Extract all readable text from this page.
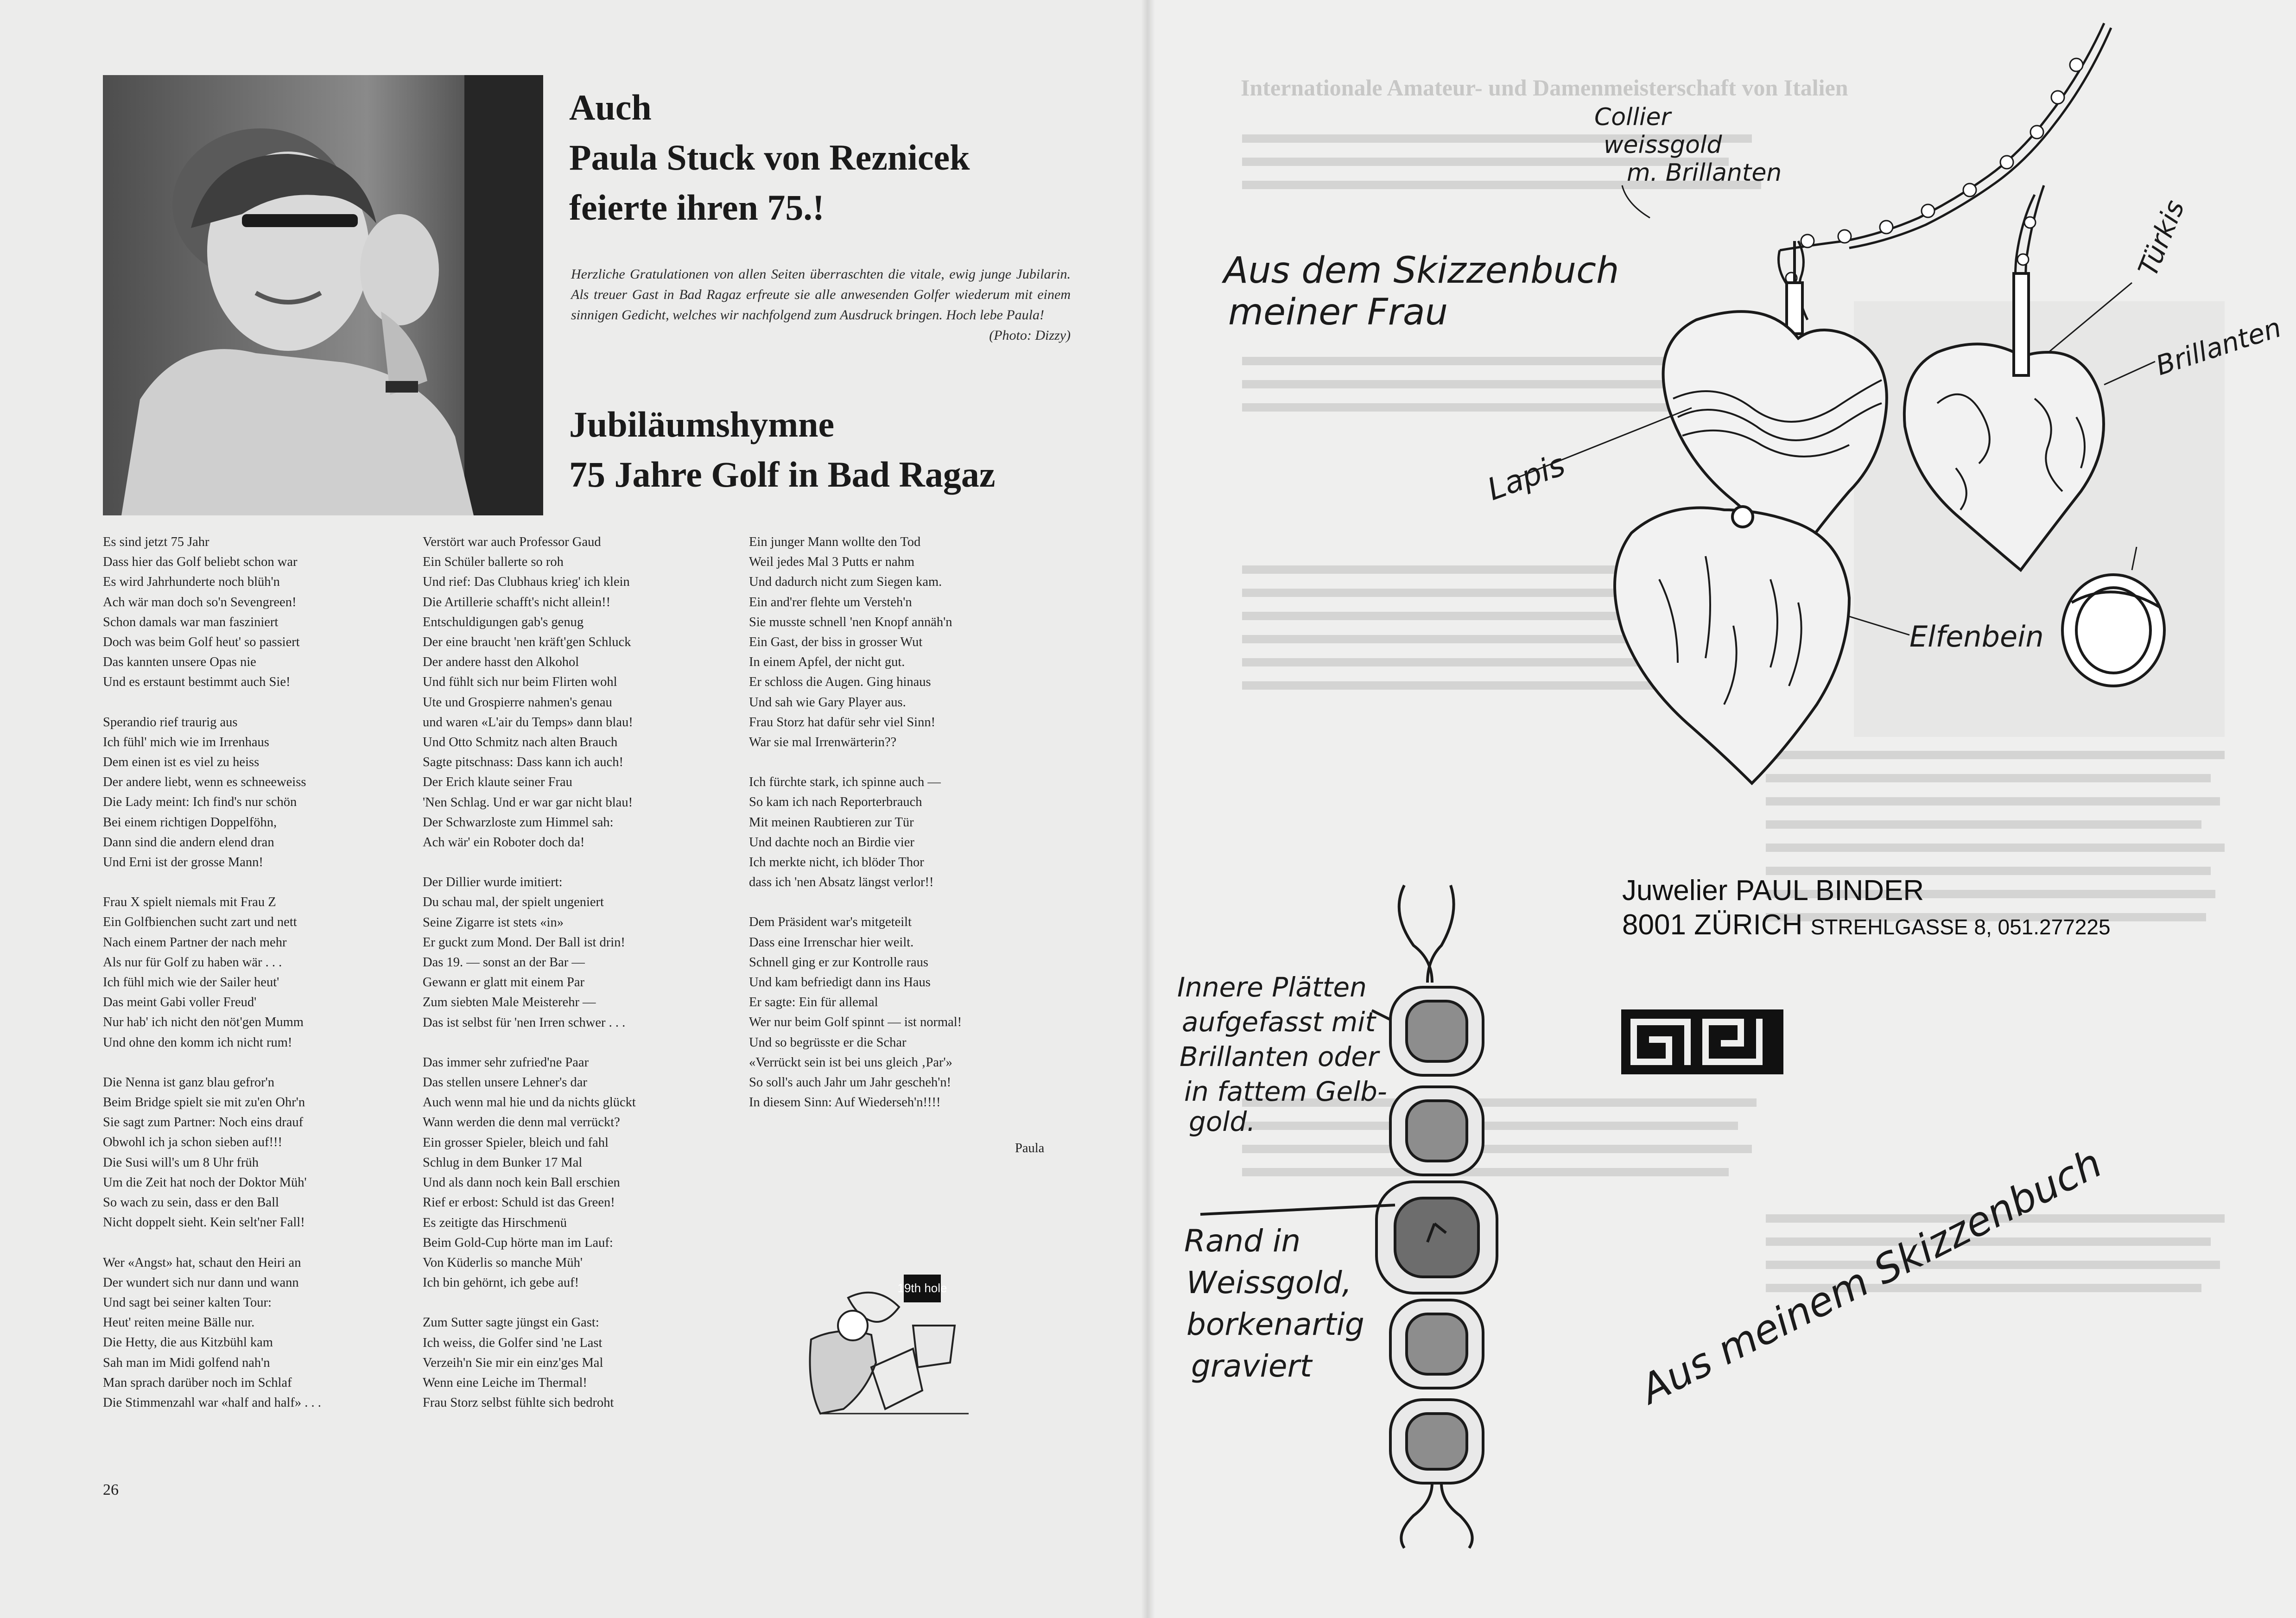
Auch
Paula Stuck von Reznicek
feierte ihren 75.!
Herzliche Gratulationen von allen Seiten überraschten die vitale, ewig junge Jubilarin. Als treuer Gast in Bad Ragaz erfreute sie alle anwesenden Golfer wiederum mit einem sinnigen Gedicht, welches wir nachfolgend zum Ausdruck bringen. Hoch lebe Paula!
(Photo: Dizzy)
Jubiläumshymne
75 Jahre Golf in Bad Ragaz
Es sind jetzt 75 Jahr
Dass hier das Golf beliebt schon war
Es wird Jahrhunderte noch blüh'n
Ach wär man doch so'n Sevengreen!
Schon damals war man fasziniert
Doch was beim Golf heut' so passiert
Das kannten unsere Opas nie
Und es erstaunt bestimmt auch Sie!
Sperandio rief traurig aus
Ich fühl' mich wie im Irrenhaus
Dem einen ist es viel zu heiss
Der andere liebt, wenn es schneeweiss
Die Lady meint: Ich find's nur schön
Bei einem richtigen Doppelföhn,
Dann sind die andern elend dran
Und Erni ist der grosse Mann!
Frau X spielt niemals mit Frau Z
Ein Golfbienchen sucht zart und nett
Nach einem Partner der nach mehr
Als nur für Golf zu haben wär . . .
Ich fühl mich wie der Sailer heut'
Das meint Gabi voller Freud'
Nur hab' ich nicht den nöt'gen Mumm
Und ohne den komm ich nicht rum!
Die Nenna ist ganz blau gefror'n
Beim Bridge spielt sie mit zu'en Ohr'n
Sie sagt zum Partner: Noch eins drauf
Obwohl ich ja schon sieben auf!!!
Die Susi will's um 8 Uhr früh
Um die Zeit hat noch der Doktor Müh'
So wach zu sein, dass er den Ball
Nicht doppelt sieht. Kein selt'ner Fall!
Wer «Angst» hat, schaut den Heiri an
Der wundert sich nur dann und wann
Und sagt bei seiner kalten Tour:
Heut' reiten meine Bälle nur.
Die Hetty, die aus Kitzbühl kam
Sah man im Midi golfend nah'n
Man sprach darüber noch im Schlaf
Die Stimmenzahl war «half and half» . . .
Verstört war auch Professor Gaud
Ein Schüler ballerte so roh
Und rief: Das Clubhaus krieg' ich klein
Die Artillerie schafft's nicht allein!!
Entschuldigungen gab's genug
Der eine braucht 'nen kräft'gen Schluck
Der andere hasst den Alkohol
Und fühlt sich nur beim Flirten wohl
Ute und Grospierre nahmen's genau
und waren «L'air du Temps» dann blau!
Und Otto Schmitz nach alten Brauch
Sagte pitschnass: Dass kann ich auch!
Der Erich klaute seiner Frau
'Nen Schlag. Und er war gar nicht blau!
Der Schwarzloste zum Himmel sah:
Ach wär' ein Roboter doch da!
Der Dillier wurde imitiert:
Du schau mal, der spielt ungeniert
Seine Zigarre ist stets «in»
Er guckt zum Mond. Der Ball ist drin!
Das 19. — sonst an der Bar —
Gewann er glatt mit einem Par
Zum siebten Male Meisterehr —
Das ist selbst für 'nen Irren schwer . . .
Das immer sehr zufried'ne Paar
Das stellen unsere Lehner's dar
Auch wenn mal hie und da nichts glückt
Wann werden die denn mal verrückt?
Ein grosser Spieler, bleich und fahl
Schlug in dem Bunker 17 Mal
Und als dann noch kein Ball erschien
Rief er erbost: Schuld ist das Green!
Es zeitigte das Hirschmenü
Beim Gold-Cup hörte man im Lauf:
Von Küderlis so manche Müh'
Ich bin gehörnt, ich gebe auf!
Zum Sutter sagte jüngst ein Gast:
Ich weiss, die Golfer sind 'ne Last
Verzeih'n Sie mir ein einz'ges Mal
Wenn eine Leiche im Thermal!
Frau Storz selbst fühlte sich bedroht
Ein junger Mann wollte den Tod
Weil jedes Mal 3 Putts er nahm
Und dadurch nicht zum Siegen kam.
Ein and'rer flehte um Versteh'n
Sie musste schnell 'nen Knopf annäh'n
Ein Gast, der biss in grosser Wut
In einem Apfel, der nicht gut.
Er schloss die Augen. Ging hinaus
Und sah wie Gary Player aus.
Frau Storz hat dafür sehr viel Sinn!
War sie mal Irrenwärterin??
Ich fürchte stark, ich spinne auch —
So kam ich nach Reporterbrauch
Mit meinen Raubtieren zur Tür
Und dachte noch an Birdie vier
Ich merkte nicht, ich blöder Thor
dass ich 'nen Absatz längst verlor!!
Dem Präsident war's mitgeteilt
Dass eine Irrenschar hier weilt.
Schnell ging er zur Kontrolle raus
Und kam befriedigt dann ins Haus
Er sagte: Ein für allemal
Wer nur beim Golf spinnt — ist normal!
Und so begrüsste er die Schar
«Verrückt sein ist bei uns gleich ‚Par'»
So soll's auch Jahr um Jahr gescheh'n!
In diesem Sinn: Auf Wiederseh'n!!!!
Paula
19th hole
26
Internationale Amateur- und Damenmeisterschaft von Italien
Collier
weissgold
m. Brillanten
Aus dem Skizzenbuch
meiner Frau
Türkis
Brillanten
Lapis
Elfenbein
Innere Plätten
aufgefasst mit
Brillanten oder
in fattem Gelb-
gold.
Rand in
Weissgold,
borkenartig
graviert	Aus meinem Skizzenbuch
Juwelier PAUL BINDER
8001 ZÜRICH STREHLGASSE 8, 051.277225
